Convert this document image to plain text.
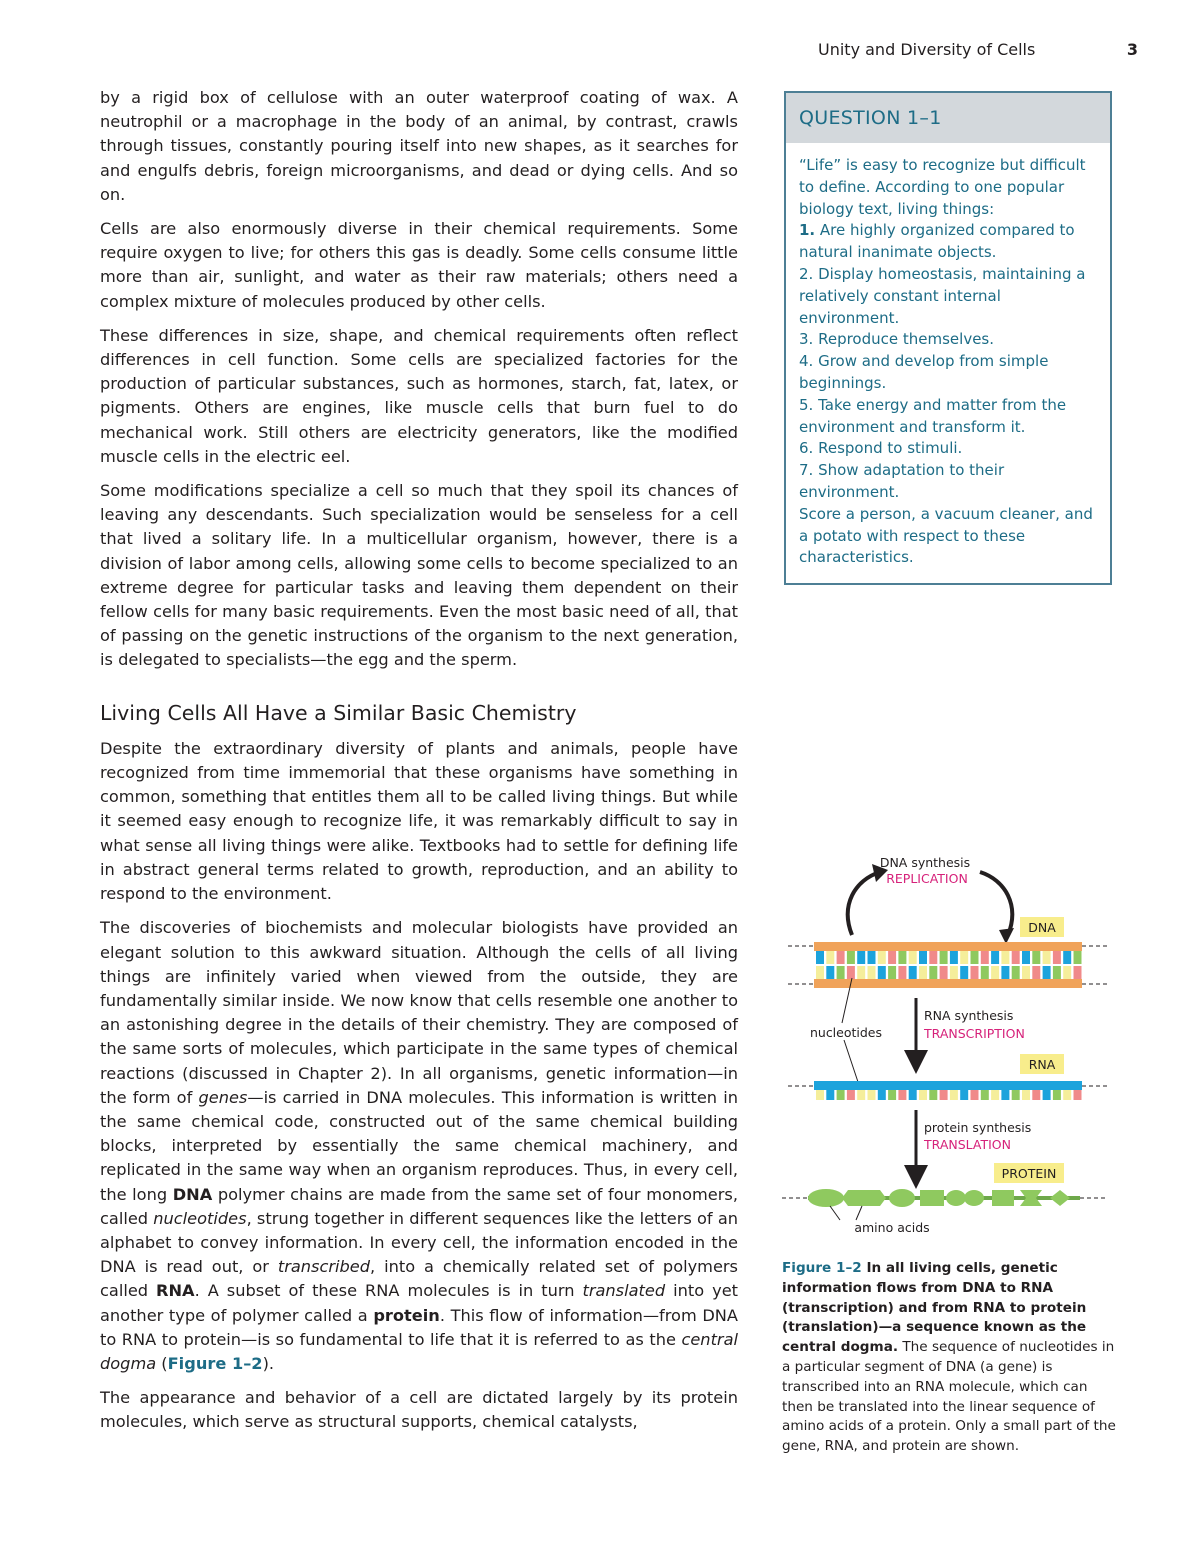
Unity and Diversity of Cells	3

by a rigid box of cellulose with an outer waterproof coating of wax. A neutrophil or a macrophage in the body of an animal, by contrast, crawls through tissues, constantly pouring itself into new shapes, as it searches for and engulfs debris, foreign microorganisms, and dead or dying cells. And so on.

Cells are also enormously diverse in their chemical requirements. Some require oxygen to live; for others this gas is deadly. Some cells consume little more than air, sunlight, and water as their raw materials; others need a complex mixture of molecules produced by other cells.

These differences in size, shape, and chemical requirements often reflect differences in cell function. Some cells are specialized factories for the production of particular substances, such as hormones, starch, fat, latex, or pigments. Others are engines, like muscle cells that burn fuel to do mechanical work. Still others are electricity generators, like the modified muscle cells in the electric eel.

Some modifications specialize a cell so much that they spoil its chances of leaving any descendants. Such specialization would be senseless for a cell that lived a solitary life. In a multicellular organism, however, there is a division of labor among cells, allowing some cells to become specialized to an extreme degree for particular tasks and leaving them dependent on their fellow cells for many basic requirements. Even the most basic need of all, that of passing on the genetic instructions of the organism to the next generation, is delegated to specialists—the egg and the sperm.

Living Cells All Have a Similar Basic Chemistry

Despite the extraordinary diversity of plants and animals, people have recognized from time immemorial that these organisms have something in common, something that entitles them all to be called living things. But while it seemed easy enough to recognize life, it was remarkably difficult to say in what sense all living things were alike. Textbooks had to settle for defining life in abstract general terms related to growth, reproduction, and an ability to respond to the environment.

The discoveries of biochemists and molecular biologists have provided an elegant solution to this awkward situation. Although the cells of all living things are infinitely varied when viewed from the outside, they are fundamentally similar inside. We now know that cells resemble one another to an astonishing degree in the details of their chemistry. They are composed of the same sorts of molecules, which participate in the same types of chemical reactions (discussed in Chapter 2). In all organisms, genetic information—in the form of genes—is carried in DNA molecules. This information is written in the same chemical code, constructed out of the same chemical building blocks, interpreted by essentially the same chemical machinery, and replicated in the same way when an organism reproduces. Thus, in every cell, the long DNA polymer chains are made from the same set of four monomers, called nucleotides, strung together in different sequences like the letters of an alphabet to convey information. In every cell, the information encoded in the DNA is read out, or transcribed, into a chemically related set of polymers called RNA. A subset of these RNA molecules is in turn translated into yet another type of polymer called a protein. This flow of information—from DNA to RNA to protein—is so fundamental to life that it is referred to as the central dogma (Figure 1–2).

The appearance and behavior of a cell are dictated largely by its protein molecules, which serve as structural supports, chemical catalysts,

QUESTION 1–1
“Life” is easy to recognize but difficult to define. According to one popular biology text, living things:
1. Are highly organized compared to natural inanimate objects.
2. Display homeostasis, maintaining a relatively constant internal environment.
3. Reproduce themselves.
4. Grow and develop from simple beginnings.
5. Take energy and matter from the environment and transform it.
6. Respond to stimuli.
7. Show adaptation to their environment.
Score a person, a vacuum cleaner, and a potato with respect to these characteristics.
DNA synthesis
REPLICATION
DNA
nucleotides
RNA synthesis
TRANSCRIPTION
RNA
protein synthesis
TRANSLATION
PROTEIN
amino acids
Figure 1–2 In all living cells, genetic information flows from DNA to RNA (transcription) and from RNA to protein (translation)—a sequence known as the central dogma. The sequence of nucleotides in a particular segment of DNA (a gene) is transcribed into an RNA molecule, which can then be translated into the linear sequence of amino acids of a protein. Only a small part of the gene, RNA, and protein are shown.
